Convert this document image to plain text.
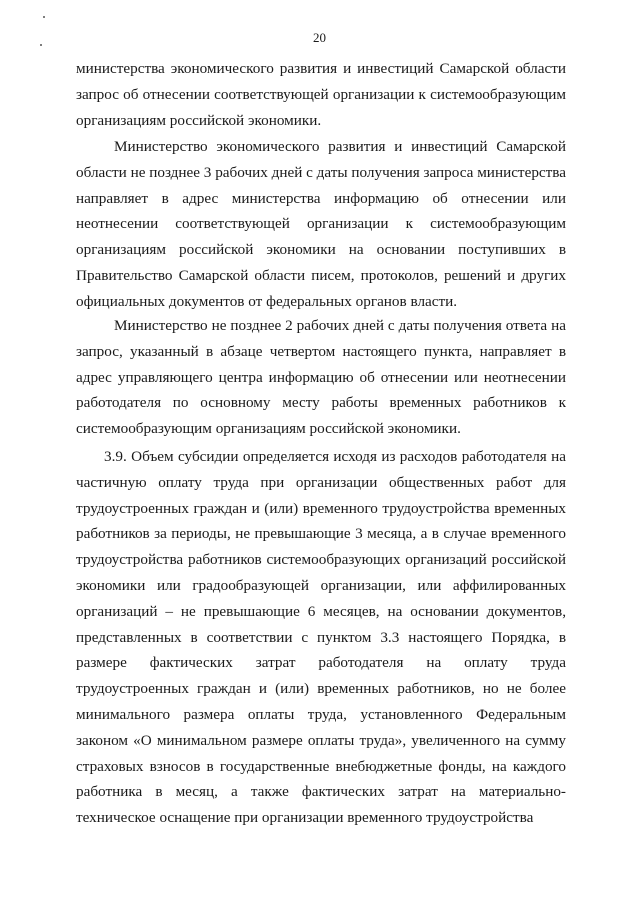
20

министерства экономического развития и инвестиций Самарской области запрос об отнесении соответствующей организации к системообразующим организациям российской экономики.

Министерство экономического развития и инвестиций Самарской области не позднее 3 рабочих дней с даты получения запроса министерства направляет в адрес министерства информацию об отнесении или неотнесении соответствующей организации к системообразующим организациям российской экономики на основании поступивших в Правительство Самарской области писем, протоколов, решений и других официальных документов от федеральных органов власти.

Министерство не позднее 2 рабочих дней с даты получения ответа на запрос, указанный в абзаце четвертом настоящего пункта, направляет в адрес управляющего центра информацию об отнесении или неотнесении работодателя по основному месту работы временных работников к системообразующим организациям российской экономики.

3.9. Объем субсидии определяется исходя из расходов работодателя на частичную оплату труда при организации общественных работ для трудоустроенных граждан и (или) временного трудоустройства временных работников за периоды, не превышающие 3 месяца, а в случае временного трудоустройства работников системообразующих организаций российской экономики или градообразующей организации, или аффилированных организаций – не превышающие 6 месяцев, на основании документов, представленных в соответствии с пунктом 3.3 настоящего Порядка, в размере фактических затрат работодателя на оплату труда трудоустроенных граждан и (или) временных работников, но не более минимального размера оплаты труда, установленного Федеральным законом «О минимальном размере оплаты труда», увеличенного на сумму страховых взносов в государственные внебюджетные фонды, на каждого работника в месяц, а также фактических затрат на материально-техническое оснащение при организации временного трудоустройства
